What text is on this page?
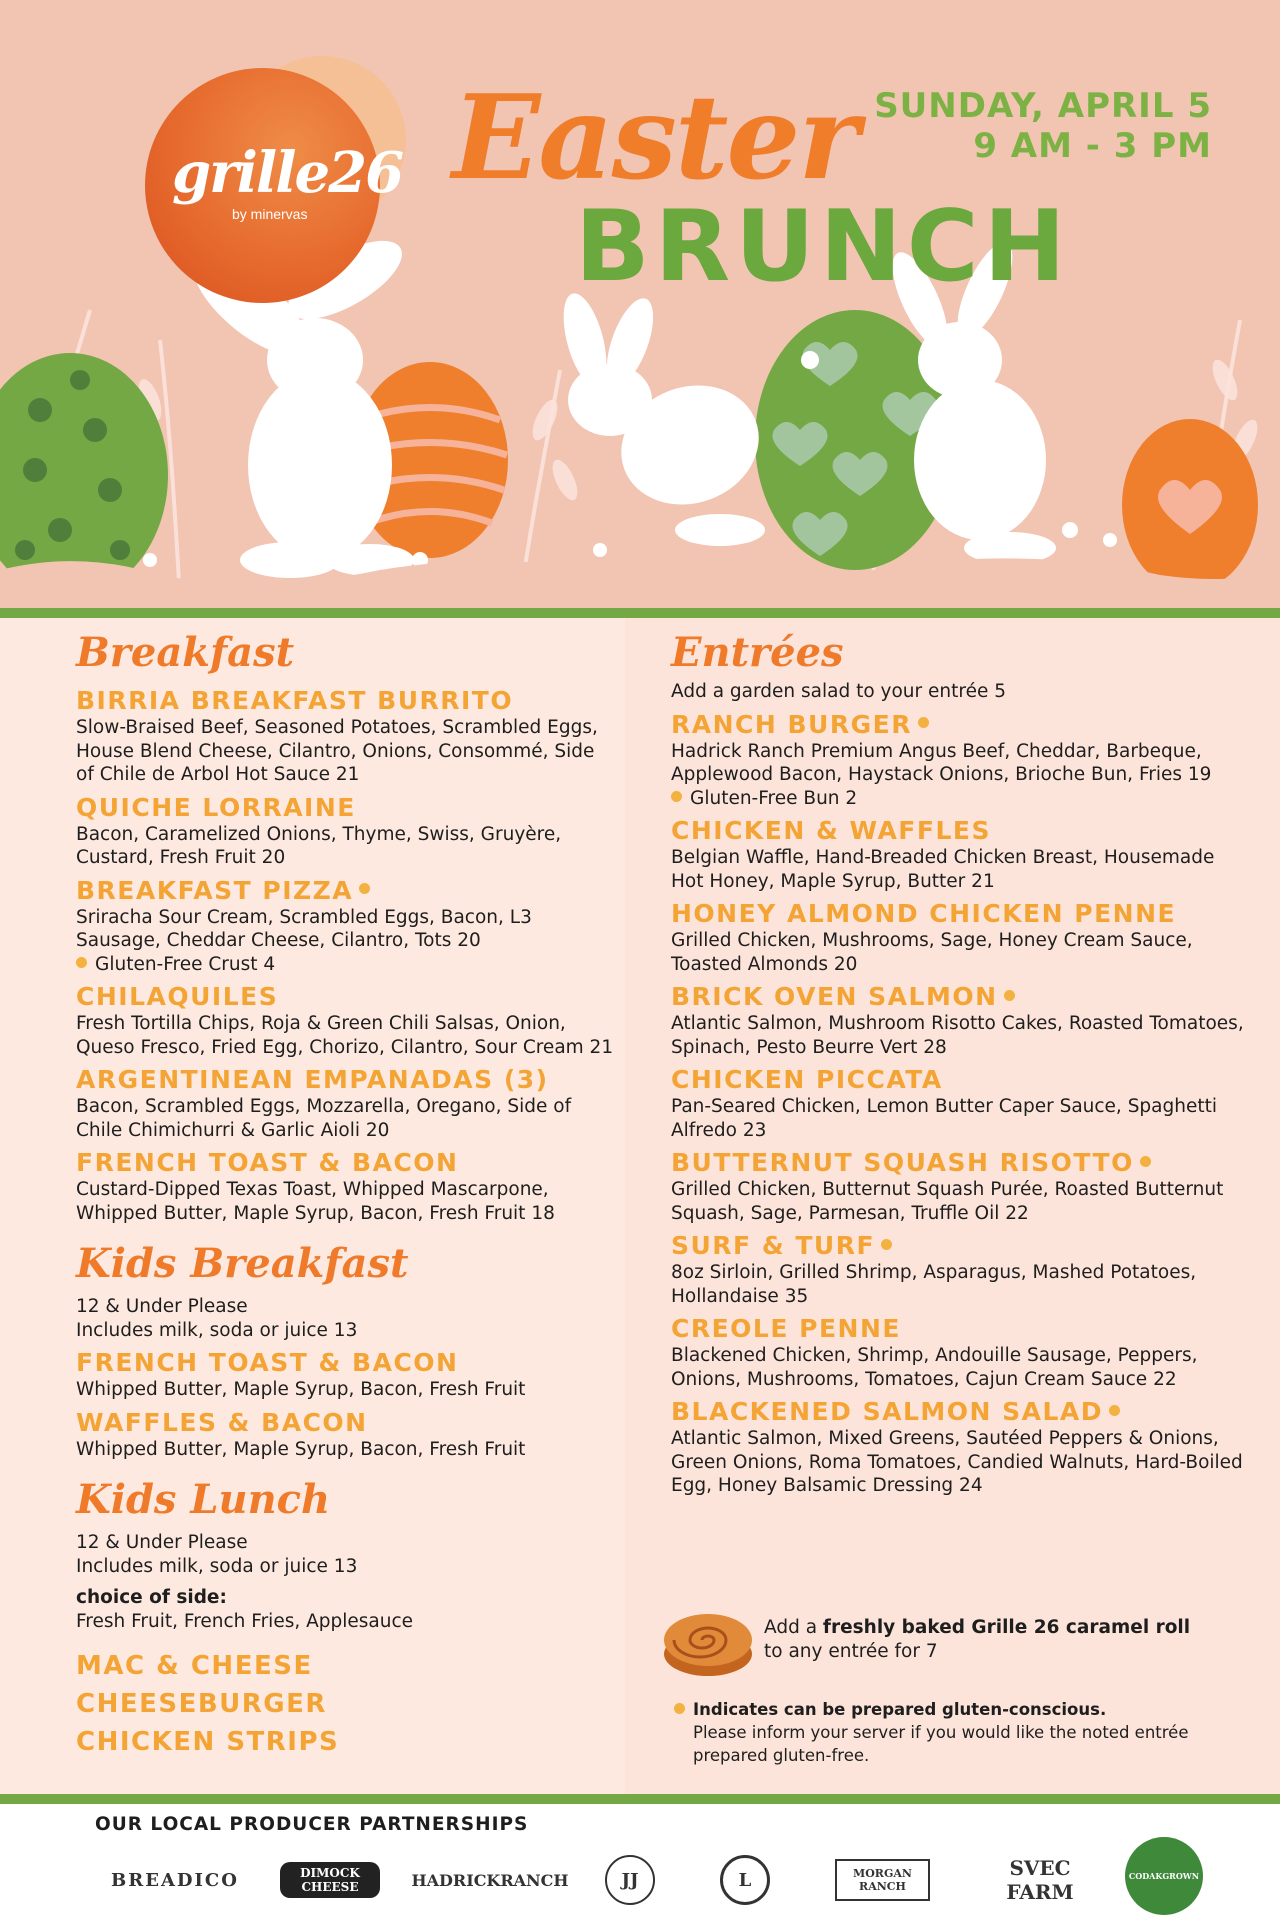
grille26
by minervas
Easter
BRUNCH
SUNDAY, APRIL 5
9 AM - 3 PM
Breakfast
BIRRIA BREAKFAST BURRITO
Slow-Braised Beef, Seasoned Potatoes, Scrambled Eggs, House Blend Cheese, Cilantro, Onions, Consommé, Side of Chile de Arbol Hot Sauce 21
QUICHE LORRAINE
Bacon, Caramelized Onions, Thyme, Swiss, Gruyère, Custard, Fresh Fruit 20
BREAKFAST PIZZA
Sriracha Sour Cream, Scrambled Eggs, Bacon, L3 Sausage, Cheddar Cheese, Cilantro, Tots 20
Gluten-Free Crust 4
CHILAQUILES
Fresh Tortilla Chips, Roja & Green Chili Salsas, Onion, Queso Fresco, Fried Egg, Chorizo, Cilantro, Sour Cream 21
ARGENTINEAN EMPANADAS (3)
Bacon, Scrambled Eggs, Mozzarella, Oregano, Side of Chile Chimichurri & Garlic Aioli 20
FRENCH TOAST & BACON
Custard-Dipped Texas Toast, Whipped Mascarpone, Whipped Butter, Maple Syrup, Bacon, Fresh Fruit 18
Kids Breakfast
12 & Under Please
Includes milk, soda or juice 13
FRENCH TOAST & BACON
Whipped Butter, Maple Syrup, Bacon, Fresh Fruit
WAFFLES & BACON
Whipped Butter, Maple Syrup, Bacon, Fresh Fruit
Kids Lunch
12 & Under Please
Includes milk, soda or juice 13
choice of side:
Fresh Fruit, French Fries, Applesauce
MAC & CHEESE
CHEESEBURGER
CHICKEN STRIPS
Entrées
Add a garden salad to your entrée 5
RANCH BURGER
Hadrick Ranch Premium Angus Beef, Cheddar, Barbeque, Applewood Bacon, Haystack Onions, Brioche Bun, Fries 19
Gluten-Free Bun 2
CHICKEN & WAFFLES
Belgian Waffle, Hand-Breaded Chicken Breast, Housemade Hot Honey, Maple Syrup, Butter 21
HONEY ALMOND CHICKEN PENNE
Grilled Chicken, Mushrooms, Sage, Honey Cream Sauce, Toasted Almonds 20
BRICK OVEN SALMON
Atlantic Salmon, Mushroom Risotto Cakes, Roasted Tomatoes, Spinach, Pesto Beurre Vert 28
CHICKEN PICCATA
Pan-Seared Chicken, Lemon Butter Caper Sauce, Spaghetti Alfredo 23
BUTTERNUT SQUASH RISOTTO
Grilled Chicken, Butternut Squash Purée, Roasted Butternut Squash, Sage, Parmesan, Truffle Oil 22
SURF & TURF
8oz Sirloin, Grilled Shrimp, Asparagus, Mashed Potatoes, Hollandaise 35
CREOLE PENNE
Blackened Chicken, Shrimp, Andouille Sausage, Peppers, Onions, Mushrooms, Tomatoes, Cajun Cream Sauce 22
BLACKENED SALMON SALAD
Atlantic Salmon, Mixed Greens, Sautéed Peppers & Onions, Green Onions, Roma Tomatoes, Candied Walnuts, Hard-Boiled Egg, Honey Balsamic Dressing 24
Add a freshly baked Grille 26 caramel roll
to any entrée for 7
Indicates can be prepared gluten-conscious.
Please inform your server if you would like the noted entrée prepared gluten-free.
OUR LOCAL PRODUCER PARTNERSHIPS
BREADICO	DIMOCK CHEESE	HADRICKRANCH	JJ	L	MORGAN RANCH
SVEC FARM
CODAKGROWN
